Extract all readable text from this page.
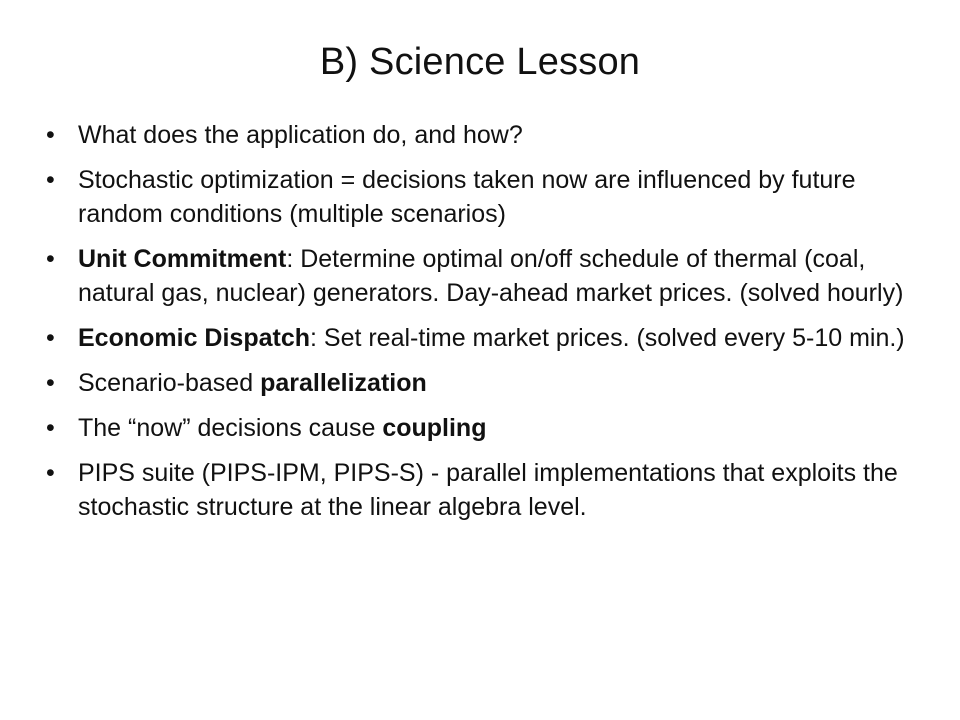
B) Science Lesson
• What does the application do, and how?
• Stochastic optimization = decisions taken now are influenced by future random conditions (multiple scenarios)
• Unit Commitment: Determine optimal on/off schedule of thermal (coal, natural gas, nuclear) generators. Day-ahead market prices. (solved hourly)
• Economic Dispatch: Set real-time market prices. (solved every 5-10 min.)
• Scenario-based parallelization
• The “now” decisions cause coupling
• PIPS suite (PIPS-IPM, PIPS-S) - parallel implementations that exploits the stochastic structure at the linear algebra level.
